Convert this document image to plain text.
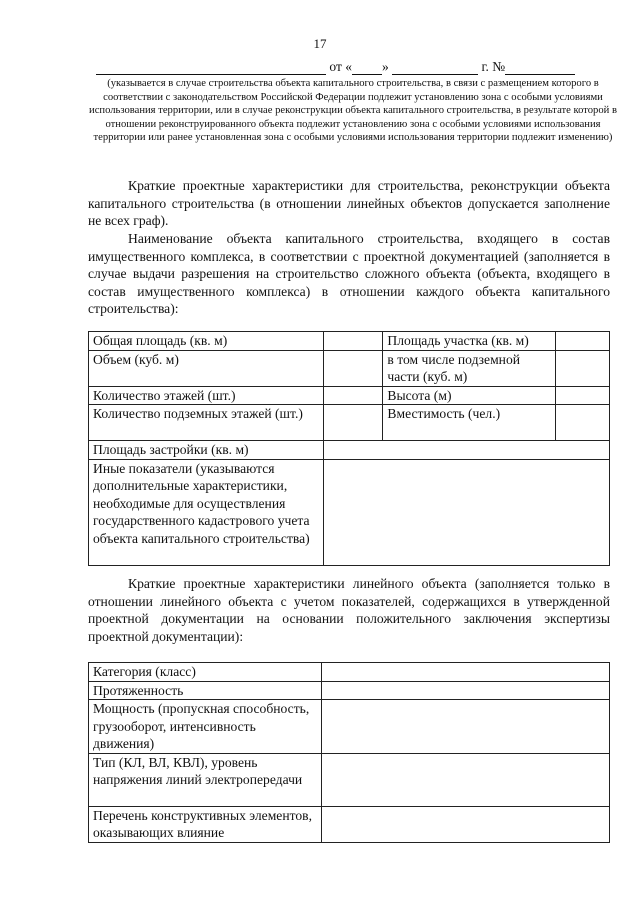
17
от « »	г. №
(указывается в случае строительства объекта капитального строительства, в связи с размещением которого в соответствии с законодательством Российской Федерации подлежит установлению зона с особыми условиями использования территории, или в случае реконструкции объекта капитального строительства, в результате которой в отношении реконструированного объекта подлежит установлению зона с особыми условиями использования территории или ранее установленная зона с особыми условиями использования территории подлежит изменению)

Краткие проектные характеристики для строительства, реконструкции объекта капитального строительства (в отношении линейных объектов допускается заполнение не всех граф).

Наименование объекта капитального строительства, входящего в состав имущественного комплекса, в соответствии с проектной документацией (заполняется в случае выдачи разрешения на строительство сложного объекта (объекта, входящего в состав имущественного комплекса) в отношении каждого объекта капитального строительства):

Общая площадь (кв. м)		Площадь участка (кв. м)	
Объем (куб. м)		в том числе подземной части (куб. м)	
Количество этажей (шт.)		Высота (м)	
Количество подземных этажей (шт.)		Вместимость (чел.)	
Площадь застройки (кв. м)			
Иные показатели (указываются дополнительные характеристики, необходимые для осуществления государственного кадастрового учета объекта капитального строительства)			

Краткие проектные характеристики линейного объекта (заполняется только в отношении линейного объекта с учетом показателей, содержащихся в утвержденной проектной документации на основании положительного заключения экспертизы проектной документации):

Категория (класс)	
Протяженность	
Мощность (пропускная способность, грузооборот, интенсивность движения)	
Тип (КЛ, ВЛ, КВЛ), уровень напряжения линий электропередачи	
Перечень конструктивных элементов, оказывающих влияние	
